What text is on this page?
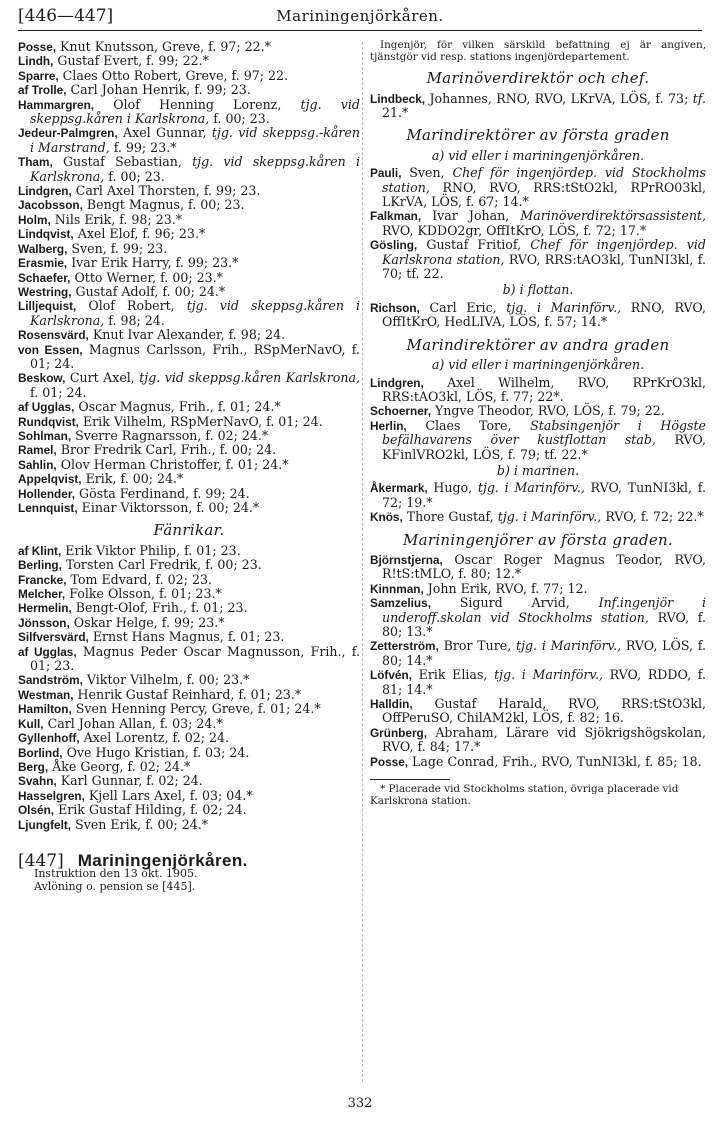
[446—447]	Mariningenjörkåren.

Posse, Knut Knutsson, Greve, f. 97; 22.*

Lindh, Gustaf Evert, f. 99; 22.*

Sparre, Claes Otto Robert, Greve, f. 97; 22.

af Trolle, Carl Johan Henrik, f. 99; 23.

Hammargren, Olof Henning Lorenz, tjg. vid skeppsg.kåren i Karlskrona, f. 00; 23.

Jedeur-Palmgren, Axel Gunnar, tjg. vid skeppsg.-kåren i Marstrand, f. 99; 23.*

Tham, Gustaf Sebastian, tjg. vid skeppsg.kåren i Karlskrona, f. 00; 23.

Lindgren, Carl Axel Thorsten, f. 99; 23.

Jacobsson, Bengt Magnus, f. 00; 23.

Holm, Nils Erik, f. 98; 23.*

Lindqvist, Axel Elof, f. 96; 23.*

Walberg, Sven, f. 99; 23.

Erasmie, Ivar Erik Harry, f. 99; 23.*

Schaefer, Otto Werner, f. 00; 23.*

Westring, Gustaf Adolf, f. 00; 24.*

Lilljequist, Olof Robert, tjg. vid skeppsg.kåren i Karlskrona, f. 98; 24.

Rosensvärd, Knut Ivar Alexander, f. 98; 24.

von Essen, Magnus Carlsson, Frih., RSpMerNavO, f. 01; 24.

Beskow, Curt Axel, tjg. vid skeppsg.kåren Karlskrona, f. 01; 24.

af Ugglas, Oscar Magnus, Frih., f. 01; 24.*

Rundqvist, Erik Vilhelm, RSpMerNavO, f. 01; 24.

Sohlman, Sverre Ragnarsson, f. 02; 24.*

Ramel, Bror Fredrik Carl, Frih., f. 00; 24.

Sahlin, Olov Herman Christoffer, f. 01; 24.*

Appelqvist, Erik, f. 00; 24.*

Hollender, Gösta Ferdinand, f. 99; 24.

Lennquist, Einar Viktorsson, f. 00; 24.*

Fänrikar.

af Klint, Erik Viktor Philip, f. 01; 23.

Berling, Torsten Carl Fredrik, f. 00; 23.

Francke, Tom Edvard, f. 02; 23.

Melcher, Folke Olsson, f. 01; 23.*

Hermelin, Bengt-Olof, Frih., f. 01; 23.

Jönsson, Oskar Helge, f. 99; 23.*

Silfversvärd, Ernst Hans Magnus, f. 01; 23.

af Ugglas, Magnus Peder Oscar Magnusson, Frih., f. 01; 23.

Sandström, Viktor Vilhelm, f. 00; 23.*

Westman, Henrik Gustaf Reinhard, f. 01; 23.*

Hamilton, Sven Henning Percy, Greve, f. 01; 24.*

Kull, Carl Johan Allan, f. 03; 24.*

Gyllenhoff, Axel Lorentz, f. 02; 24.

Borlind, Ove Hugo Kristian, f. 03; 24.

Berg, Åke Georg, f. 02; 24.*

Svahn, Karl Gunnar, f. 02; 24.

Hasselgren, Kjell Lars Axel, f. 03; 04.*

Olsén, Erik Gustaf Hilding, f. 02; 24.

Ljungfelt, Sven Erik, f. 00; 24.*

[447] Mariningenjörkåren.
Instruktion den 13 okt. 1905.
Avlöning o. pension se [445].

Ingenjör, för vilken särskild befattning ej är angiven, tjänstgör vid resp. stations ingenjördepartement.

Marinöverdirektör och chef.

Lindbeck, Johannes, RNO, RVO, LKrVA, LÖS, f. 73; tf. 21.*

Marindirektörer av första graden
a) vid eller i mariningenjörkåren.

Pauli, Sven, Chef för ingenjördep. vid Stockholms station, RNO, RVO, RRS:tStO2kl, RPrRO03kl, LKrVA, LÖS, f. 67; 14.*

Falkman, Ivar Johan, Marinöverdirektörsassistent, RVO, KDDO2gr, OffItKrO, LÖS, f. 72; 17.*

Gösling, Gustaf Fritiof, Chef för ingenjördep. vid Karlskrona station, RVO, RRS:tAO3kl, TunNI3kl, f. 70; tf. 22.

b) i flottan.

Richson, Carl Eric, tjg. i Marinförv., RNO, RVO, OffItKrO, HedLIVA, LÖS, f. 57; 14.*

Marindirektörer av andra graden
a) vid eller i mariningenjörkåren.

Lindgren, Axel Wilhelm, RVO, RPrKrO3kl, RRS:tAO3kl, LÖS, f. 77; 22*.

Schoerner, Yngve Theodor, RVO, LÖS, f. 79; 22.

Herlin, Claes Tore, Stabsingenjör i Högste befälhavarens över kustflottan stab, RVO, KFinlVRO2kl, LÖS, f. 79; tf. 22.*

b) i marinen.

Åkermark, Hugo, tjg. i Marinförv., RVO, TunNI3kl, f. 72; 19.*

Knös, Thore Gustaf, tjg. i Marinförv., RVO, f. 72; 22.*

Mariningenjörer av första graden.

Björnstjerna, Oscar Roger Magnus Teodor, RVO, R!tS:tMLO, f. 80; 12.*

Kinnman, John Erik, RVO, f. 77; 12.

Samzelius, Sigurd Arvid, Inf.ingenjör i underoff.skolan vid Stockholms station, RVO, f. 80; 13.*

Zetterström, Bror Ture, tjg. i Marinförv., RVO, LÖS, f. 80; 14.*

Löfvén, Erik Elias, tjg. i Marinförv., RVO, RDDO, f. 81; 14.*

Halldin, Gustaf Harald, RVO, RRS:tStO3kl, OffPeruSO, ChilAM2kl, LÖS, f. 82; 16.

Grünberg, Abraham, Lärare vid Sjökrigshögskolan, RVO, f. 84; 17.*

Posse, Lage Conrad, Frih., RVO, TunNI3kl, f. 85; 18.

* Placerade vid Stockholms station, övriga placerade vid Karlskrona station.
332
